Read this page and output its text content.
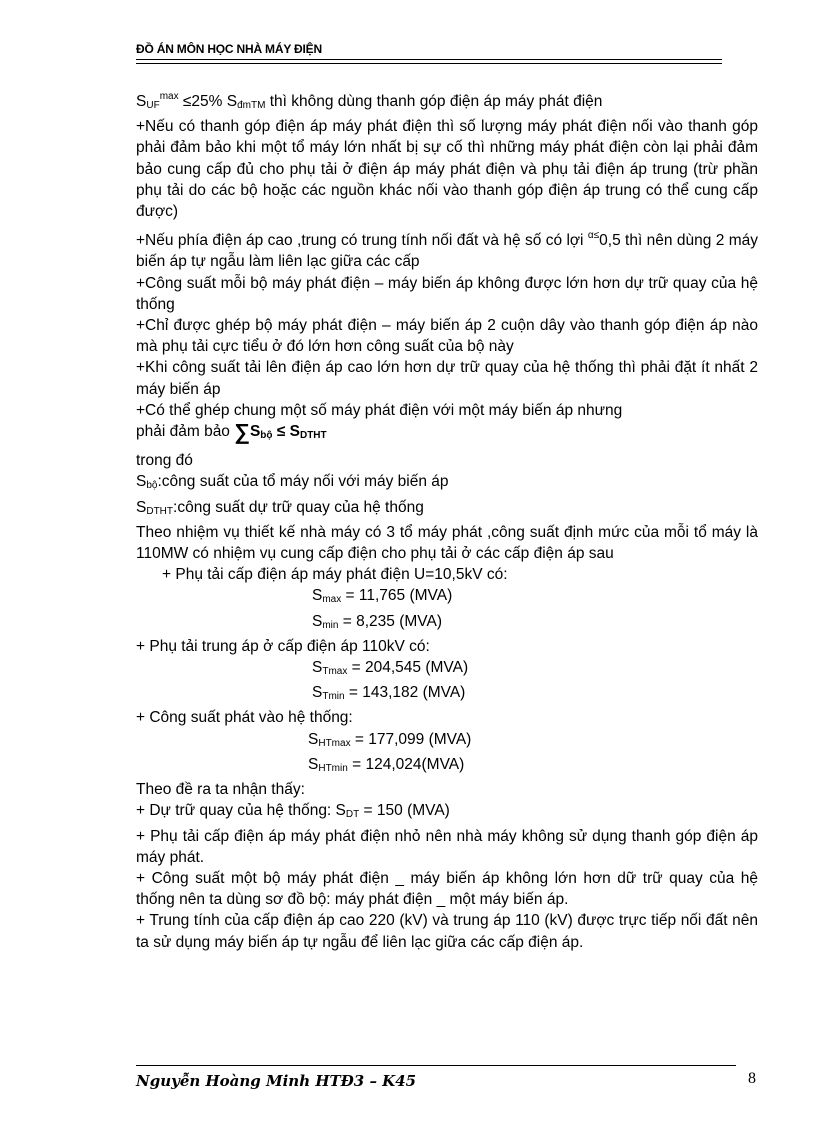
ĐỒ ÁN MÔN HỌC NHÀ MÁY ĐIỆN

$S_{UF}^{max} \le 25\%$ $S_{đmTM}$ thì không dùng thanh góp điện áp máy phát điện

+Nếu có thanh góp điện áp máy phát điện thì số lượng máy phát điện nối vào thanh góp phải đảm bảo khi một tổ máy lớn nhất bị sự cố thì những máy phát điện còn lại phải đảm bảo cung cấp đủ cho phụ tải ở điện áp máy phát điện và phụ tải điện áp trung (trừ phần phụ tải do các bộ hoặc các nguồn khác nối vào thanh góp điện áp trung có thể cung cấp được)

+Nếu phía điện áp cao ,trung có trung tính nối đất và hệ số có lợi $^{\alpha\le}$0,5 thì nên dùng 2 máy biến áp tự ngẫu làm liên lạc giữa các cấp

+Công suất mỗi bộ máy phát điện – máy biến áp không được lớn hơn dự trữ quay của hệ thống

+Chỉ được ghép bộ máy phát điện – máy biến áp 2 cuộn dây vào thanh góp điện áp nào mà phụ tải cực tiểu ở đó lớn hơn công suất của bộ này

+Khi công suất tải lên điện áp cao lớn hơn dự trữ quay của hệ thống thì phải đặt ít nhất 2 máy biến áp

+Có thể ghép chung một số máy phát điện với một máy biến áp nhưng

phải đảm bảo $\sum S_{bộ} \le S_{DTHT}$

trong đó

$S_{bộ}:công$ suất của tổ máy nối với máy biến áp

$S_{DTHT}:công$ suất dự trữ quay của hệ thống

Theo nhiệm vụ thiết kế nhà máy có 3 tổ máy phát ,công suất định mức của mỗi tổ máy là 110MW có nhiệm vụ cung cấp điện cho phụ tải ở các cấp điện áp sau

+ Phụ tải cấp điện áp máy phát điện U=10,5kV có:

$S_{max} = 11,765$ (MVA)

$S_{min} = 8,235$ (MVA)

+ Phụ tải trung áp ở cấp điện áp 110kV có:

$S_{Tmax} = 204,545$ (MVA)

$S_{Tmin} = 143,182$ (MVA)

+ Công suất phát vào hệ thống:

$S_{HTmax} = 177,099$ (MVA)

$S_{HTmin} = 124,024(MVA)$

Theo đề ra ta nhận thấy:

+ Dự trữ quay của hệ thống: $S_{DT} = 150$ (MVA)

+ Phụ tải cấp điện áp máy phát điện nhỏ nên nhà máy không sử dụng thanh góp điện áp máy phát.

+ Công suất một bộ máy phát điện _ máy biến áp không lớn hơn dữ trữ quay của hệ thống nên ta dùng sơ đồ bộ: máy phát điện _ một máy biến áp.

+ Trung tính của cấp điện áp cao 220 (kV) và trung áp 110 (kV) được trực tiếp nối đất nên ta sử dụng máy biến áp tự ngẫu để liên lạc giữa các cấp điện áp.

Nguyễn Hoàng Minh HTĐ3 – K45	8
